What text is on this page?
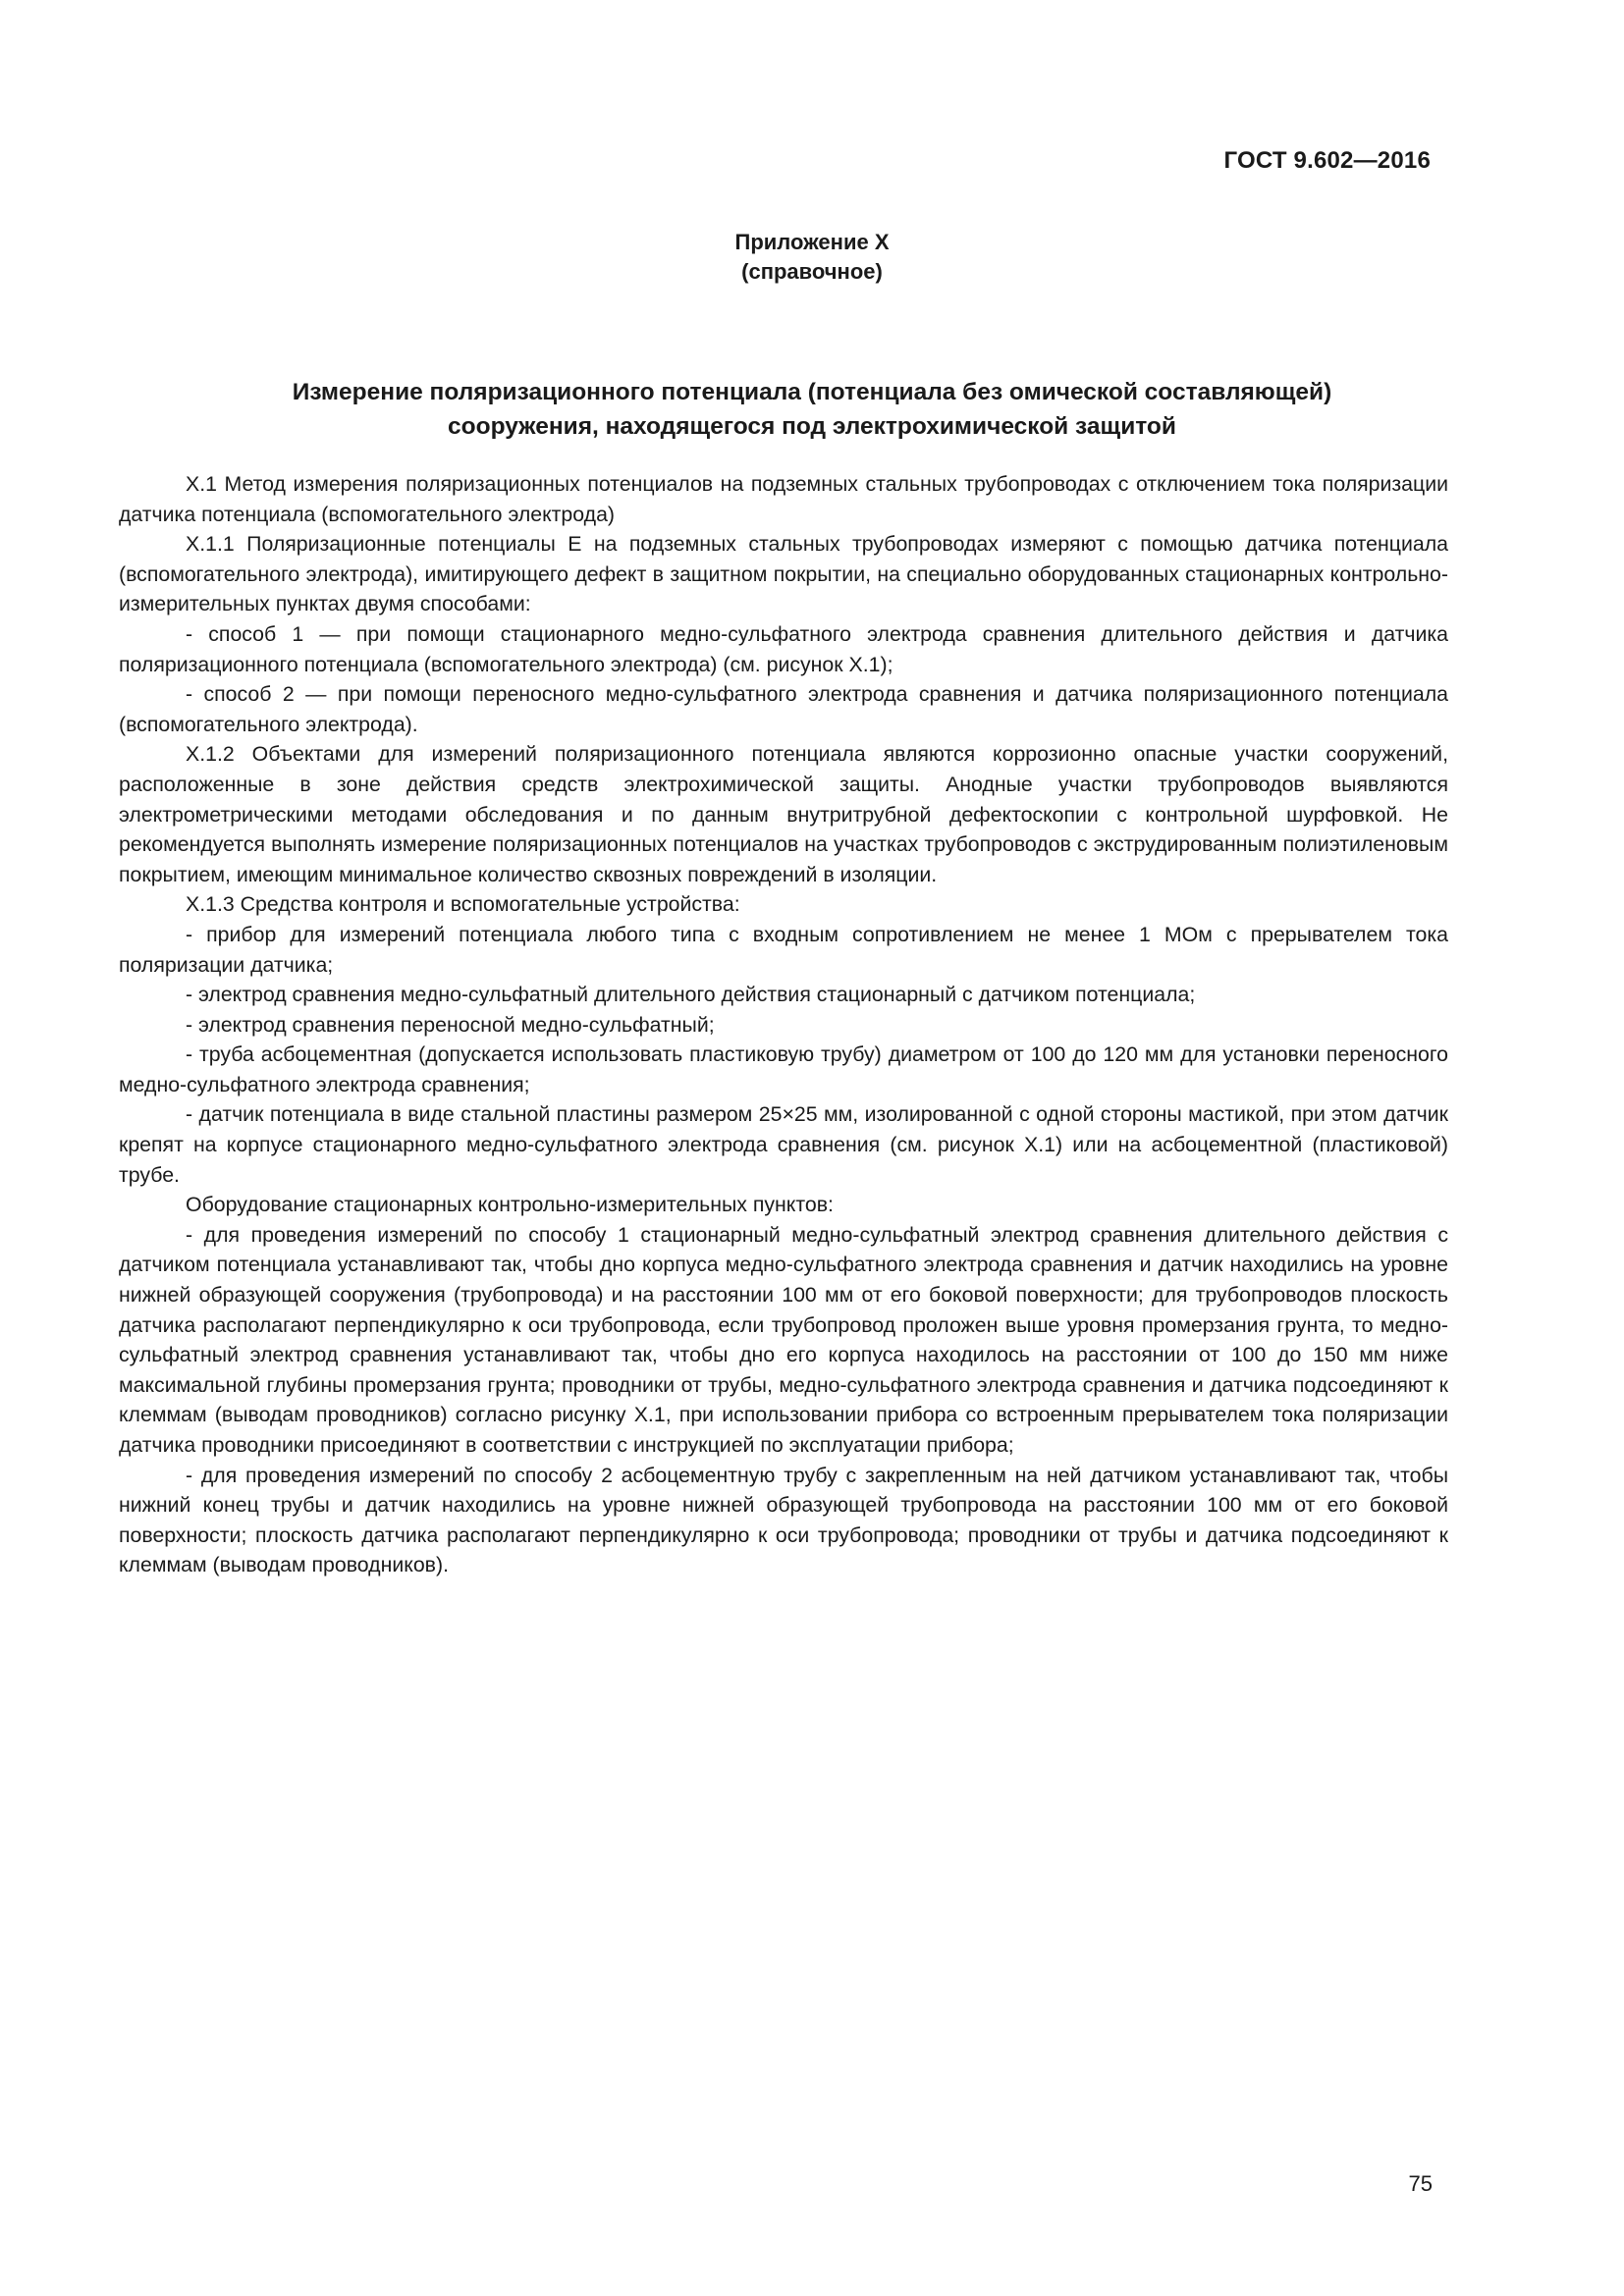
ГОСТ 9.602—2016
Приложение Х
(справочное)
Измерение поляризационного потенциала (потенциала без омической составляющей)
сооружения, находящегося под электрохимической защитой

Х.1 Метод измерения поляризационных потенциалов на подземных стальных трубопроводах с отключением тока поляризации датчика потенциала (вспомогательного электрода)

Х.1.1 Поляризационные потенциалы Е на подземных стальных трубопроводах измеряют с помощью датчика потенциала (вспомогательного электрода), имитирующего дефект в защитном покрытии, на специально оборудованных стационарных контрольно-измерительных пунктах двумя способами:

- способ 1 — при помощи стационарного медно-сульфатного электрода сравнения длительного действия и датчика поляризационного потенциала (вспомогательного электрода) (см. рисунок Х.1);

- способ 2 — при помощи переносного медно-сульфатного электрода сравнения и датчика поляризационного потенциала (вспомогательного электрода).

Х.1.2 Объектами для измерений поляризационного потенциала являются коррозионно опасные участки сооружений, расположенные в зоне действия средств электрохимической защиты. Анодные участки трубопроводов выявляются электрометрическими методами обследования и по данным внутритрубной дефектоскопии с контрольной шурфовкой. Не рекомендуется выполнять измерение поляризационных потенциалов на участках трубопроводов с экструдированным полиэтиленовым покрытием, имеющим минимальное количество сквозных повреждений в изоляции.

Х.1.3 Средства контроля и вспомогательные устройства:

- прибор для измерений потенциала любого типа с входным сопротивлением не менее 1 МОм с прерывателем тока поляризации датчика;

- электрод сравнения медно-сульфатный длительного действия стационарный с датчиком потенциала;

- электрод сравнения переносной медно-сульфатный;

- труба асбоцементная (допускается использовать пластиковую трубу) диаметром от 100 до 120 мм для установки переносного медно-сульфатного электрода сравнения;

- датчик потенциала в виде стальной пластины размером 25×25 мм, изолированной с одной стороны мастикой, при этом датчик крепят на корпусе стационарного медно-сульфатного электрода сравнения (см. рисунок Х.1) или на асбоцементной (пластиковой) трубе.

Оборудование стационарных контрольно-измерительных пунктов:

- для проведения измерений по способу 1 стационарный медно-сульфатный электрод сравнения длительного действия с датчиком потенциала устанавливают так, чтобы дно корпуса медно-сульфатного электрода сравнения и датчик находились на уровне нижней образующей сооружения (трубопровода) и на расстоянии 100 мм от его боковой поверхности; для трубопроводов плоскость датчика располагают перпендикулярно к оси трубопровода, если трубопровод проложен выше уровня промерзания грунта, то медно-сульфатный электрод сравнения устанавливают так, чтобы дно его корпуса находилось на расстоянии от 100 до 150 мм ниже максимальной глубины промерзания грунта; проводники от трубы, медно-сульфатного электрода сравнения и датчика подсоединяют к клеммам (выводам проводников) согласно рисунку Х.1, при использовании прибора со встроенным прерывателем тока поляризации датчика проводники присоединяют в соответствии с инструкцией по эксплуатации прибора;

- для проведения измерений по способу 2 асбоцементную трубу с закрепленным на ней датчиком устанавливают так, чтобы нижний конец трубы и датчик находились на уровне нижней образующей трубопровода на расстоянии 100 мм от его боковой поверхности; плоскость датчика располагают перпендикулярно к оси трубопровода; проводники от трубы и датчика подсоединяют к клеммам (выводам проводников).

75
